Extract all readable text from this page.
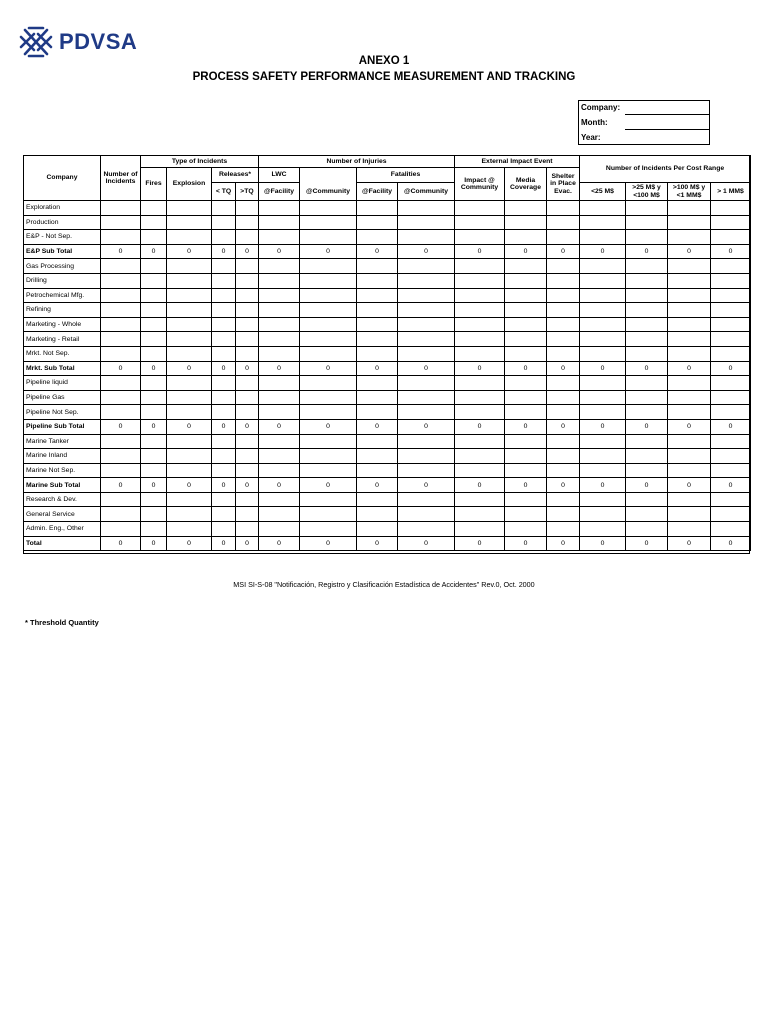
PDVSA
ANEXO 1
PROCESS SAFETY PERFORMANCE MEASUREMENT AND TRACKING
Company:
Month:
Year:
Company	Number of Incidents	Type of Incidents				Number of Injuries				External Impact Event			Number of Incidents Per Cost Range			
		Fires	Explosion	Releases*		LWC		Fatalities		Impact @ Community	Media Coverage	Shelter in Place Evac.				
				< TQ	>TQ	@Facility	@Community	@Facility	@Community				<25 M$	>25 M$ y <100 M$	>100 M$ y <1 MM$	> 1 MM$

Exploration																
Production																
E&P - Not Sep.																
E&P Sub Total	0	0	0	0	0	0	0	0	0	0	0	0	0	0	0	0
Gas Processing																
Drilling																
Petrochemical Mfg.																
Refining																
Marketing - Whole																
Marketing - Retail																
Mrkt. Not Sep.																
Mrkt. Sub Total	0	0	0	0	0	0	0	0	0	0	0	0	0	0	0	0
Pipeline liquid																
Pipeline Gas																
Pipeline Not Sep.																
Pipeline Sub Total	0	0	0	0	0	0	0	0	0	0	0	0	0	0	0	0
Marine Tanker																
Marine Inland																
Marine Not Sep.																
Marine Sub Total	0	0	0	0	0	0	0	0	0	0	0	0	0	0	0	0
Research & Dev.																
General Service																
Admin. Eng., Other																
Total	0	0	0	0	0	0	0	0	0	0	0	0	0	0	0	0
MSI SI-S-08 "Notificación, Registro y Clasificación Estadística de Accidentes" Rev.0, Oct. 2000
* Threshold Quantity
